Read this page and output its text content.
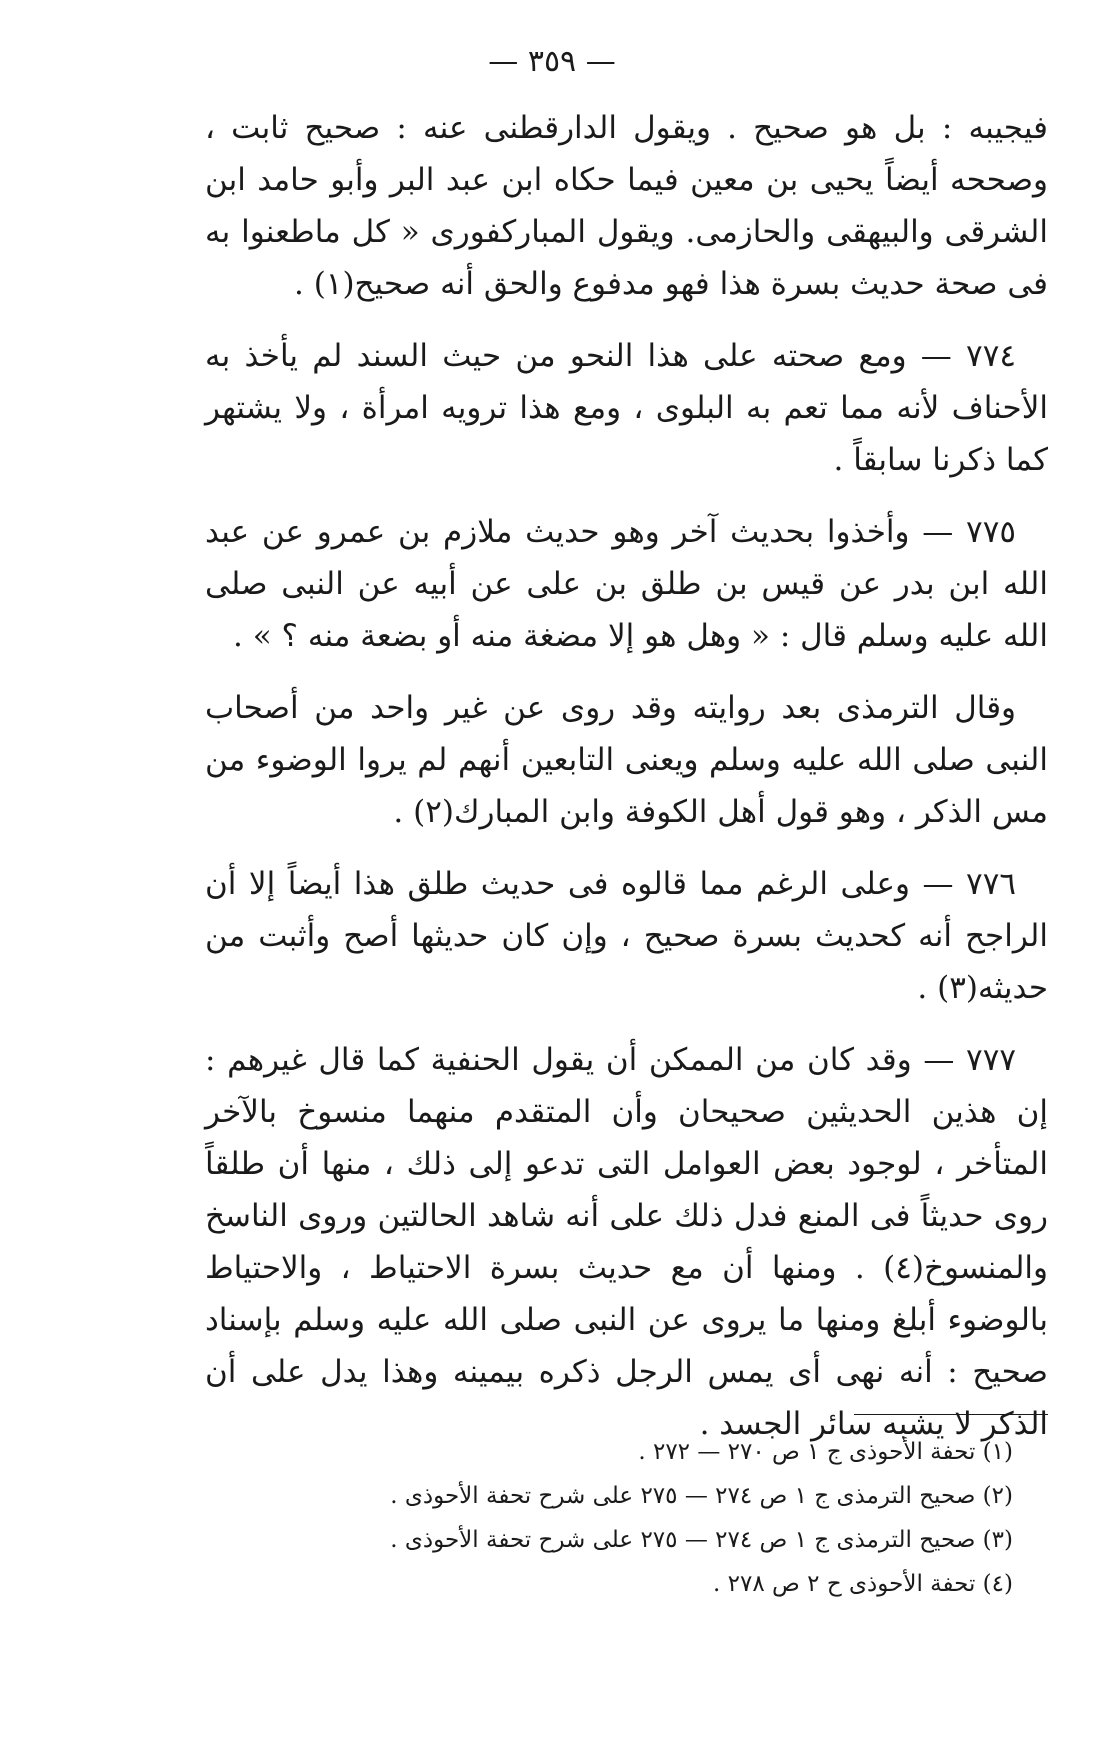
— ٣٥٩ —

فيجيبه : بل هو صحيح . ويقول الدارقطنى عنه : صحيح ثابت ، وصححه أيضاً يحيى بن معين فيما حكاه ابن عبد البر وأبو حامد ابن الشرقى والبيهقى والحازمى. ويقول المباركفورى « كل ماطعنوا به فى صحة حديث بسرة هذا فهو مدفوع والحق أنه صحيح(١) .

٧٧٤ — ومع صحته على هذا النحو من حيث السند لم يأخذ به الأحناف لأنه مما تعم به البلوى ، ومع هذا ترويه امرأة ، ولا يشتهر كما ذكرنا سابقاً .

٧٧٥ — وأخذوا بحديث آخر وهو حديث ملازم بن عمرو عن عبد الله ابن بدر عن قيس بن طلق بن على عن أبيه عن النبى صلى الله عليه وسلم قال : « وهل هو إلا مضغة منه أو بضعة منه ؟ » .

وقال الترمذى بعد روايته وقد روى عن غير واحد من أصحاب النبى صلى الله عليه وسلم ويعنى التابعين أنهم لم يروا الوضوء من مس الذكر ، وهو قول أهل الكوفة وابن المبارك(٢) .

٧٧٦ — وعلى الرغم مما قالوه فى حديث طلق هذا أيضاً إلا أن الراجح أنه كحديث بسرة صحيح ، وإن كان حديثها أصح وأثبت من حديثه(٣) .

٧٧٧ — وقد كان من الممكن أن يقول الحنفية كما قال غيرهم : إن هذين الحديثين صحيحان وأن المتقدم منهما منسوخ بالآخر المتأخر ، لوجود بعض العوامل التى تدعو إلى ذلك ، منها أن طلقاً روى حديثاً فى المنع فدل ذلك على أنه شاهد الحالتين وروى الناسخ والمنسوخ(٤) . ومنها أن مع حديث بسرة الاحتياط ، والاحتياط بالوضوء أبلغ ومنها ما يروى عن النبى صلى الله عليه وسلم بإسناد صحيح : أنه نهى أى يمس الرجل ذكره بيمينه وهذا يدل على أن الذكر لا يشبه سائر الجسد .

(١) تحفة الأحوذى ج ١ ص ٢٧٠ — ٢٧٢ .

(٢) صحيح الترمذى ج ١ ص ٢٧٤ — ٢٧٥ على شرح تحفة الأحوذى .

(٣) صحيح الترمذى ج ١ ص ٢٧٤ — ٢٧٥ على شرح تحفة الأحوذى .

(٤) تحفة الأحوذى ح ٢ ص ٢٧٨ .
